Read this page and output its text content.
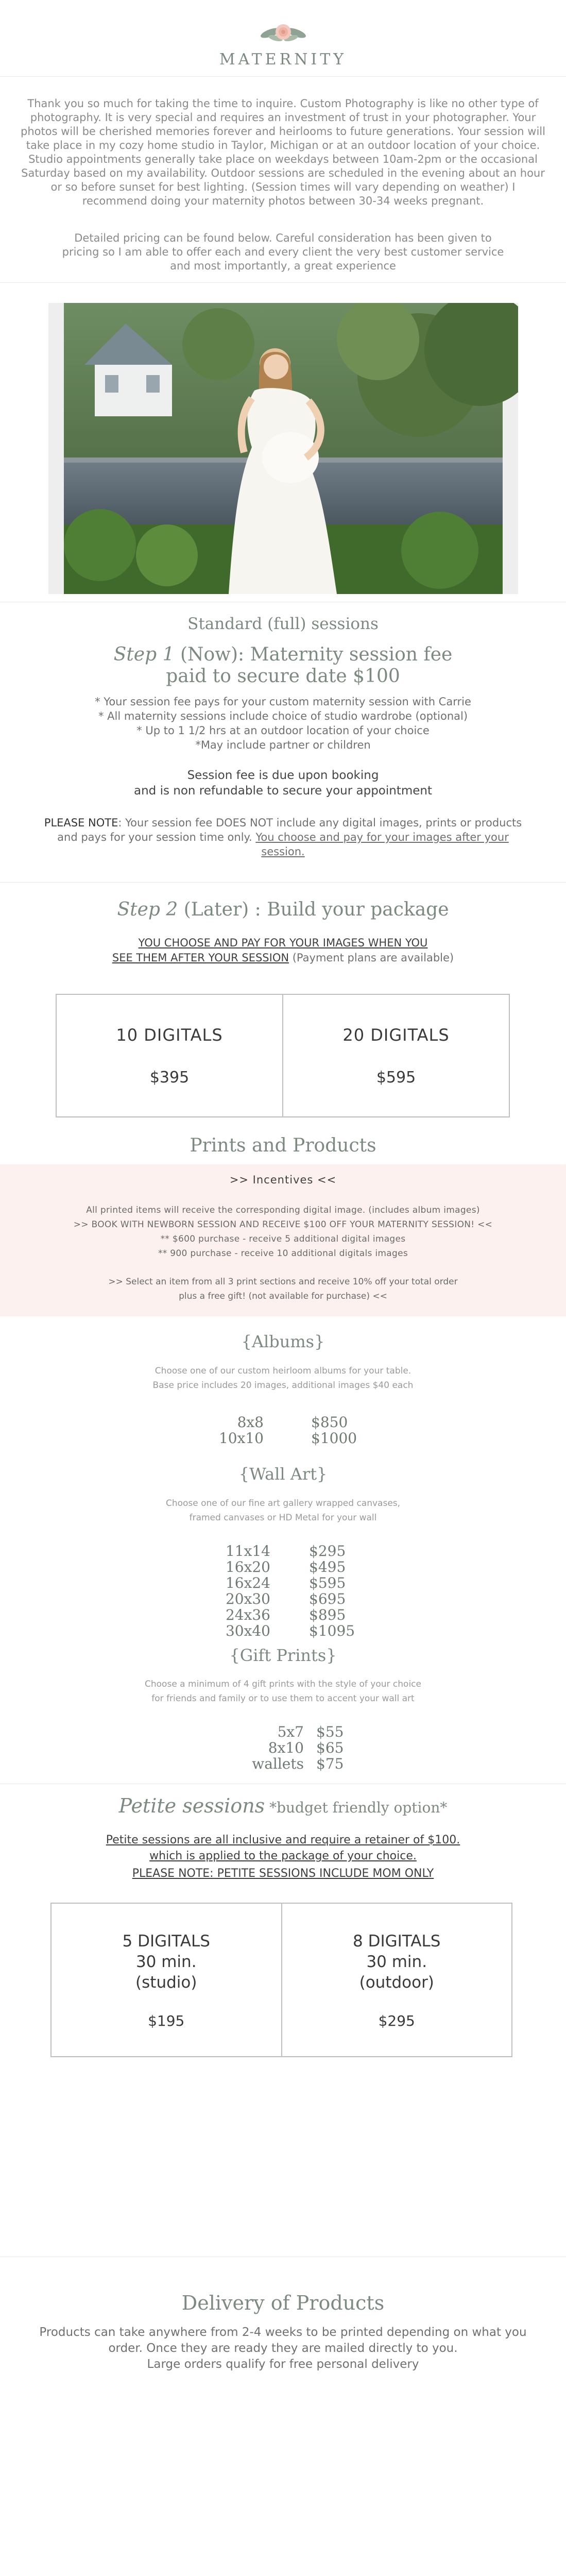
MATERNITY
Thank you so much for taking the time to inquire. Custom Photography is like no other type of photography. It is very special and requires an investment of trust in your photographer. Your photos will be cherished memories forever and heirlooms to future generations. Your session will take place in my cozy home studio in Taylor, Michigan or at an outdoor location of your choice. Studio appointments generally take place on weekdays between 10am-2pm or the occasional Saturday based on my availability. Outdoor sessions are scheduled in the evening about an hour or so before sunset for best lighting. (Session times will vary depending on weather) I recommend doing your maternity photos between 30-34 weeks pregnant.
Detailed pricing can be found below. Careful consideration has been given to pricing so I am able to offer each and every client the very best customer service and most importantly, a great experience
Standard (full) sessions
Step 1 (Now): Maternity session fee
paid to secure date $100
* Your session fee pays for your custom maternity session with Carrie
* All maternity sessions include choice of studio wardrobe (optional)
* Up to 1 1/2 hrs at an outdoor location of your choice
*May include partner or children
Session fee is due upon booking
and is non refundable to secure your appointment
PLEASE NOTE: Your session fee DOES NOT include any digital images, prints or products and pays for your session time only. You choose and pay for your images after your session.
Step 2 (Later) : Build your package
YOU CHOOSE AND PAY FOR YOUR IMAGES WHEN YOU
SEE THEM AFTER YOUR SESSION (Payment plans are available)
10 DIGITALS
$395
20 DIGITALS
$595
Prints and Products
>> Incentives <<
All printed items will receive the corresponding digital image. (includes album images)
>> BOOK WITH NEWBORN SESSION AND RECEIVE $100 OFF YOUR MATERNITY SESSION! <<
** $600 purchase - receive 5 additional digital images
** 900 purchase - receive 10 additional digitals images
>> Select an item from all 3 print sections and receive 10% off your total order
plus a free gift! (not available for purchase) <<
{Albums}
Choose one of our custom heirloom albums for your table.
Base price includes 20 images, additional images $40 each
8x8	$850
10x10	$1000
{Wall Art}
Choose one of our fine art gallery wrapped canvases,
framed canvases or HD Metal for your wall
11x14	$295
16x20	$495
16x24	$595
20x30	$695
24x36	$895
30x40	$1095
{Gift Prints}
Choose a minimum of 4 gift prints with the style of your choice
for friends and family or to use them to accent your wall art
5x7 $55
8x10 $65
wallets $75
Petite sessions *budget friendly option*
Petite sessions are all inclusive and require a retainer of $100.
which is applied to the package of your choice.
PLEASE NOTE: PETITE SESSIONS INCLUDE MOM ONLY
5 DIGITALS
30 min.
(studio)
$195
8 DIGITALS
30 min.
(outdoor)
$295
Delivery of Products
Products can take anywhere from 2-4 weeks to be printed depending on what you
order. Once they are ready they are mailed directly to you.
Large orders qualify for free personal delivery
